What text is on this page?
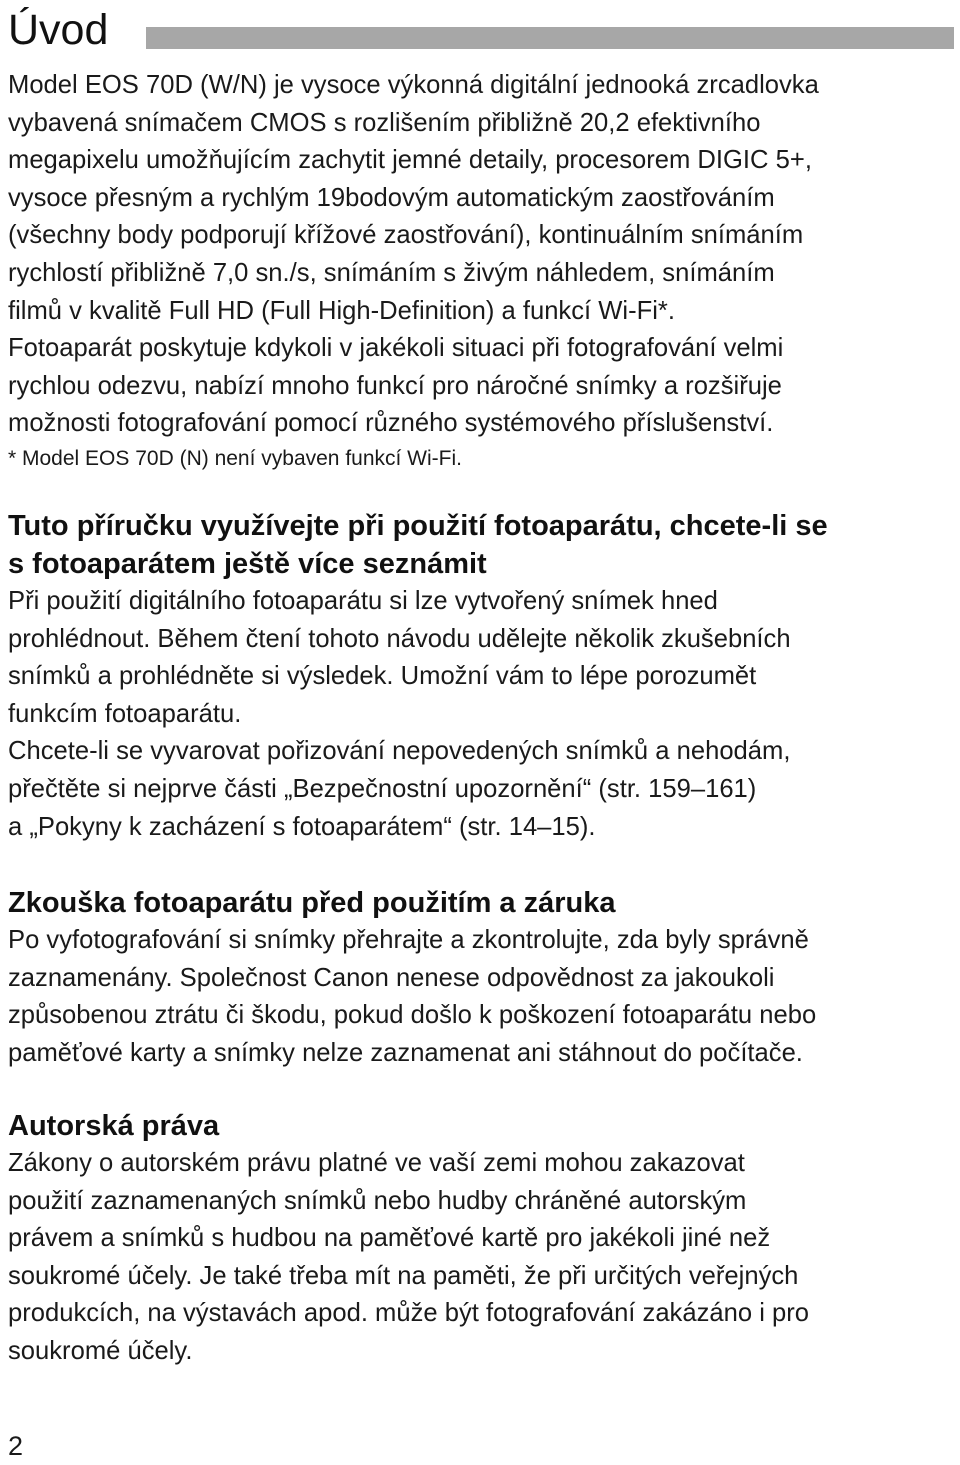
Úvod

Model EOS 70D (W/N) je vysoce výkonná digitální jednooká zrcadlovka

vybavená snímačem CMOS s rozlišením přibližně 20,2 efektivního

megapixelu umožňujícím zachytit jemné detaily, procesorem DIGIC 5+,

vysoce přesným a rychlým 19bodovým automatickým zaostřováním

(všechny body podporují křížové zaostřování), kontinuálním snímáním

rychlostí přibližně 7,0 sn./s, snímáním s živým náhledem, snímáním

filmů v kvalitě Full HD (Full High-Definition) a funkcí Wi-Fi*.

Fotoaparát poskytuje kdykoli v jakékoli situaci při fotografování velmi

rychlou odezvu, nabízí mnoho funkcí pro náročné snímky a rozšiřuje

možnosti fotografování pomocí různého systémového příslušenství.

* Model EOS 70D (N) není vybaven funkcí Wi-Fi.
Tuto příručku využívejte při použití fotoaparátu, chcete-li se
s fotoaparátem ještě více seznámit

Při použití digitálního fotoaparátu si lze vytvořený snímek hned

prohlédnout. Během čtení tohoto návodu udělejte několik zkušebních

snímků a prohlédněte si výsledek. Umožní vám to lépe porozumět

funkcím fotoaparátu.

Chcete-li se vyvarovat pořizování nepovedených snímků a nehodám,

přečtěte si nejprve části „Bezpečnostní upozornění“ (str. 159–161)

a „Pokyny k zacházení s fotoaparátem“ (str. 14–15).

Zkouška fotoaparátu před použitím a záruka

Po vyfotografování si snímky přehrajte a zkontrolujte, zda byly správně

zaznamenány. Společnost Canon nenese odpovědnost za jakoukoli

způsobenou ztrátu či škodu, pokud došlo k poškození fotoaparátu nebo

paměťové karty a snímky nelze zaznamenat ani stáhnout do počítače.

Autorská práva

Zákony o autorském právu platné ve vaší zemi mohou zakazovat

použití zaznamenaných snímků nebo hudby chráněné autorským

právem a snímků s hudbou na paměťové kartě pro jakékoli jiné než

soukromé účely. Je také třeba mít na paměti, že při určitých veřejných

produkcích, na výstavách apod. může být fotografování zakázáno i pro

soukromé účely.

2
